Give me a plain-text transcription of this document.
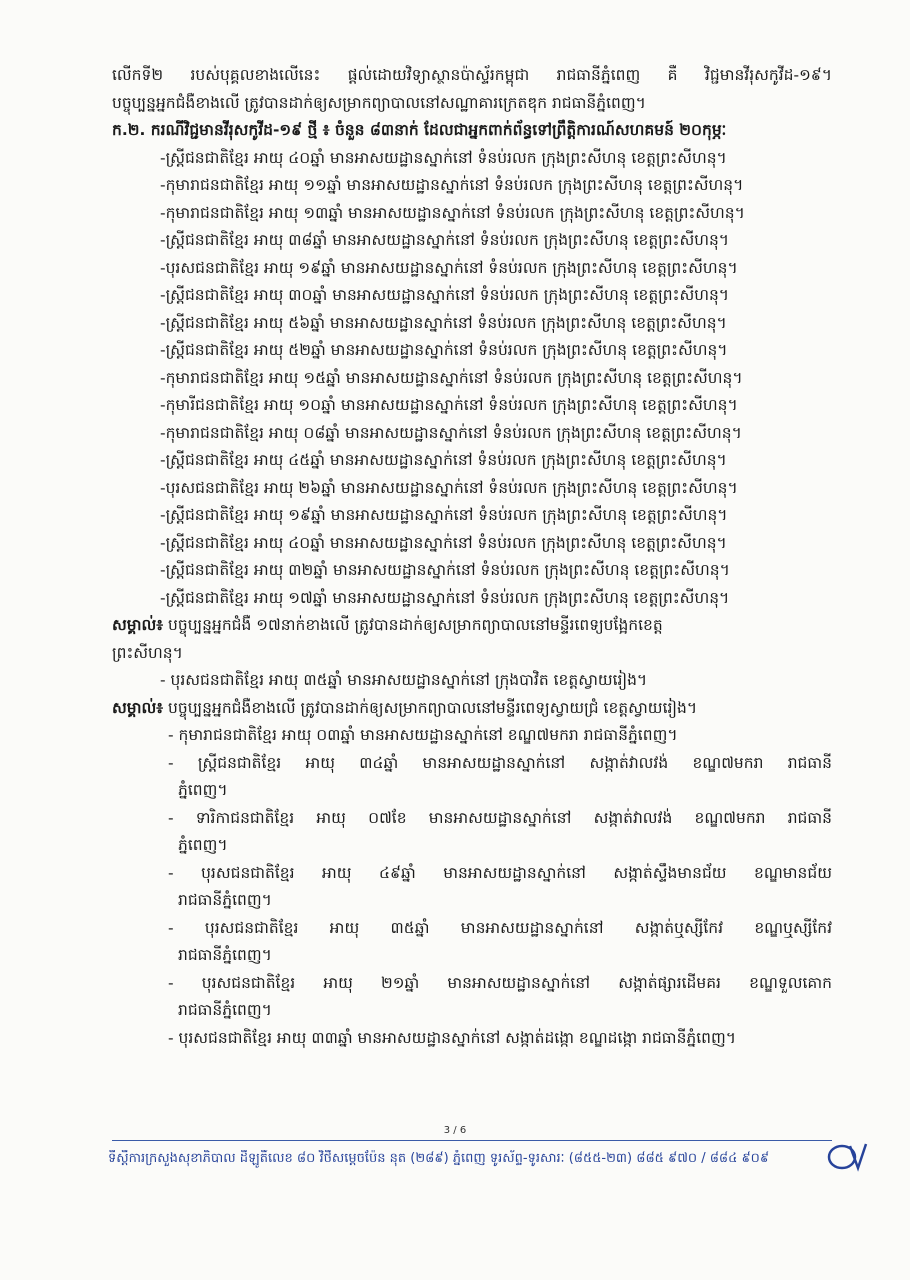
លើកទី២ របស់បុគ្គលខាងលើនេះ ផ្តល់ដោយវិទ្យាស្ថានប៉ាស្ទ័រកម្ពុជា រាជធានីភ្នំពេញ គឺ វិជ្ជមានវីរុសកូវីដ-១៩។
បច្ចុប្បន្នអ្នកជំងឺខាងលើ ត្រូវបានដាក់ឲ្យសម្រាកព្យាបាលនៅសណ្ឋាគារក្រេតឌុក រាជធានីភ្នំពេញ។
ក.២. ករណីវិជ្ជមានវីរុសកូវីដ-១៩ ថ្មី ៖ ចំនួន ៨៣នាក់ ដែលជាអ្នកពាក់ព័ន្ធទៅព្រឹត្តិការណ៍សហគមន៍ ២០កុម្ភៈ
-ស្ត្រីជនជាតិខ្មែរ អាយុ ៤០ឆ្នាំ មានអាសយដ្ឋានស្នាក់នៅ ទំនប់រលក ក្រុងព្រះសីហនុ ខេត្តព្រះសីហនុ។
-កុមារាជនជាតិខ្មែរ អាយុ ១១ឆ្នាំ មានអាសយដ្ឋានស្នាក់នៅ ទំនប់រលក ក្រុងព្រះសីហនុ ខេត្តព្រះសីហនុ។
-កុមារាជនជាតិខ្មែរ អាយុ ១៣ឆ្នាំ មានអាសយដ្ឋានស្នាក់នៅ ទំនប់រលក ក្រុងព្រះសីហនុ ខេត្តព្រះសីហនុ។
-ស្ត្រីជនជាតិខ្មែរ អាយុ ៣៨ឆ្នាំ មានអាសយដ្ឋានស្នាក់នៅ ទំនប់រលក ក្រុងព្រះសីហនុ ខេត្តព្រះសីហនុ។
-បុរសជនជាតិខ្មែរ អាយុ ១៩ឆ្នាំ មានអាសយដ្ឋានស្នាក់នៅ ទំនប់រលក ក្រុងព្រះសីហនុ ខេត្តព្រះសីហនុ។
-ស្ត្រីជនជាតិខ្មែរ អាយុ ៣០ឆ្នាំ មានអាសយដ្ឋានស្នាក់នៅ ទំនប់រលក ក្រុងព្រះសីហនុ ខេត្តព្រះសីហនុ។
-ស្ត្រីជនជាតិខ្មែរ អាយុ ៥៦ឆ្នាំ មានអាសយដ្ឋានស្នាក់នៅ ទំនប់រលក ក្រុងព្រះសីហនុ ខេត្តព្រះសីហនុ។
-ស្ត្រីជនជាតិខ្មែរ អាយុ ៥២ឆ្នាំ មានអាសយដ្ឋានស្នាក់នៅ ទំនប់រលក ក្រុងព្រះសីហនុ ខេត្តព្រះសីហនុ។
-កុមារាជនជាតិខ្មែរ អាយុ ១៥ឆ្នាំ មានអាសយដ្ឋានស្នាក់នៅ ទំនប់រលក ក្រុងព្រះសីហនុ ខេត្តព្រះសីហនុ។
-កុមារីជនជាតិខ្មែរ អាយុ ១០ឆ្នាំ មានអាសយដ្ឋានស្នាក់នៅ ទំនប់រលក ក្រុងព្រះសីហនុ ខេត្តព្រះសីហនុ។
-កុមារាជនជាតិខ្មែរ អាយុ ០៨ឆ្នាំ មានអាសយដ្ឋានស្នាក់នៅ ទំនប់រលក ក្រុងព្រះសីហនុ ខេត្តព្រះសីហនុ។
-ស្ត្រីជនជាតិខ្មែរ អាយុ ៤៥ឆ្នាំ មានអាសយដ្ឋានស្នាក់នៅ ទំនប់រលក ក្រុងព្រះសីហនុ ខេត្តព្រះសីហនុ។
-បុរសជនជាតិខ្មែរ អាយុ ២៦ឆ្នាំ មានអាសយដ្ឋានស្នាក់នៅ ទំនប់រលក ក្រុងព្រះសីហនុ ខេត្តព្រះសីហនុ។
-ស្ត្រីជនជាតិខ្មែរ អាយុ ១៩ឆ្នាំ មានអាសយដ្ឋានស្នាក់នៅ ទំនប់រលក ក្រុងព្រះសីហនុ ខេត្តព្រះសីហនុ។
-ស្ត្រីជនជាតិខ្មែរ អាយុ ៤០ឆ្នាំ មានអាសយដ្ឋានស្នាក់នៅ ទំនប់រលក ក្រុងព្រះសីហនុ ខេត្តព្រះសីហនុ។
-ស្ត្រីជនជាតិខ្មែរ អាយុ ៣២ឆ្នាំ មានអាសយដ្ឋានស្នាក់នៅ ទំនប់រលក ក្រុងព្រះសីហនុ ខេត្តព្រះសីហនុ។
-ស្ត្រីជនជាតិខ្មែរ អាយុ ១៧ឆ្នាំ មានអាសយដ្ឋានស្នាក់នៅ ទំនប់រលក ក្រុងព្រះសីហនុ ខេត្តព្រះសីហនុ។
សម្គាល់៖ បច្ចុប្បន្នអ្នកជំងឺ ១៧នាក់ខាងលើ ត្រូវបានដាក់ឲ្យសម្រាកព្យាបាលនៅមន្ទីរពេទ្យបង្អែកខេត្ត
ព្រះសីហនុ។
- បុរសជនជាតិខ្មែរ អាយុ ៣៥ឆ្នាំ មានអាសយដ្ឋានស្នាក់នៅ ក្រុងបាវិត ខេត្តស្វាយរៀង។
សម្គាល់៖ បច្ចុប្បន្នអ្នកជំងឺខាងលើ ត្រូវបានដាក់ឲ្យសម្រាកព្យាបាលនៅមន្ទីរពេទ្យស្វាយជ្រំ ខេត្តស្វាយរៀង។
- កុមារាជនជាតិខ្មែរ អាយុ ០៣ឆ្នាំ មានអាសយដ្ឋានស្នាក់នៅ ខណ្ឌ៧មករា រាជធានីភ្នំពេញ។
- ស្ត្រីជនជាតិខ្មែរ អាយុ ៣៤ឆ្នាំ មានអាសយដ្ឋានស្នាក់នៅ សង្កាត់វាលវង់ ខណ្ឌ៧មករា រាជធានី
ភ្នំពេញ។
- ទារិកាជនជាតិខ្មែរ អាយុ ០៧ខែ មានអាសយដ្ឋានស្នាក់នៅ សង្កាត់វាលវង់ ខណ្ឌ៧មករា រាជធានី
ភ្នំពេញ។
- បុរសជនជាតិខ្មែរ អាយុ ៤៩ឆ្នាំ មានអាសយដ្ឋានស្នាក់នៅ សង្កាត់ស្ទឹងមានជ័យ ខណ្ឌមានជ័យ
រាជធានីភ្នំពេញ។
- បុរសជនជាតិខ្មែរ អាយុ ៣៥ឆ្នាំ មានអាសយដ្ឋានស្នាក់នៅ សង្កាត់ឬស្សីកែវ ខណ្ឌឬស្សីកែវ
រាជធានីភ្នំពេញ។
- បុរសជនជាតិខ្មែរ អាយុ ២១ឆ្នាំ មានអាសយដ្ឋានស្នាក់នៅ សង្កាត់ផ្សារដើមគរ ខណ្ឌទួលគោក
រាជធានីភ្នំពេញ។
- បុរសជនជាតិខ្មែរ អាយុ ៣៣ឆ្នាំ មានអាសយដ្ឋានស្នាក់នៅ សង្កាត់ដង្កោ ខណ្ឌដង្កោ រាជធានីភ្នំពេញ។
3 / 6
ទីស្តីការក្រសួងសុខាភិបាល ដីឡូតិ៍លេខ ៨០ វិថីសម្តេចប៉ែន នុត (២៨៩) ភ្នំពេញ ទូរស័ព្ទ-ទូរសារៈ (៨៥៥-២៣) ៨៨៥ ៩៧០ / ៨៨៤ ៩០៩
